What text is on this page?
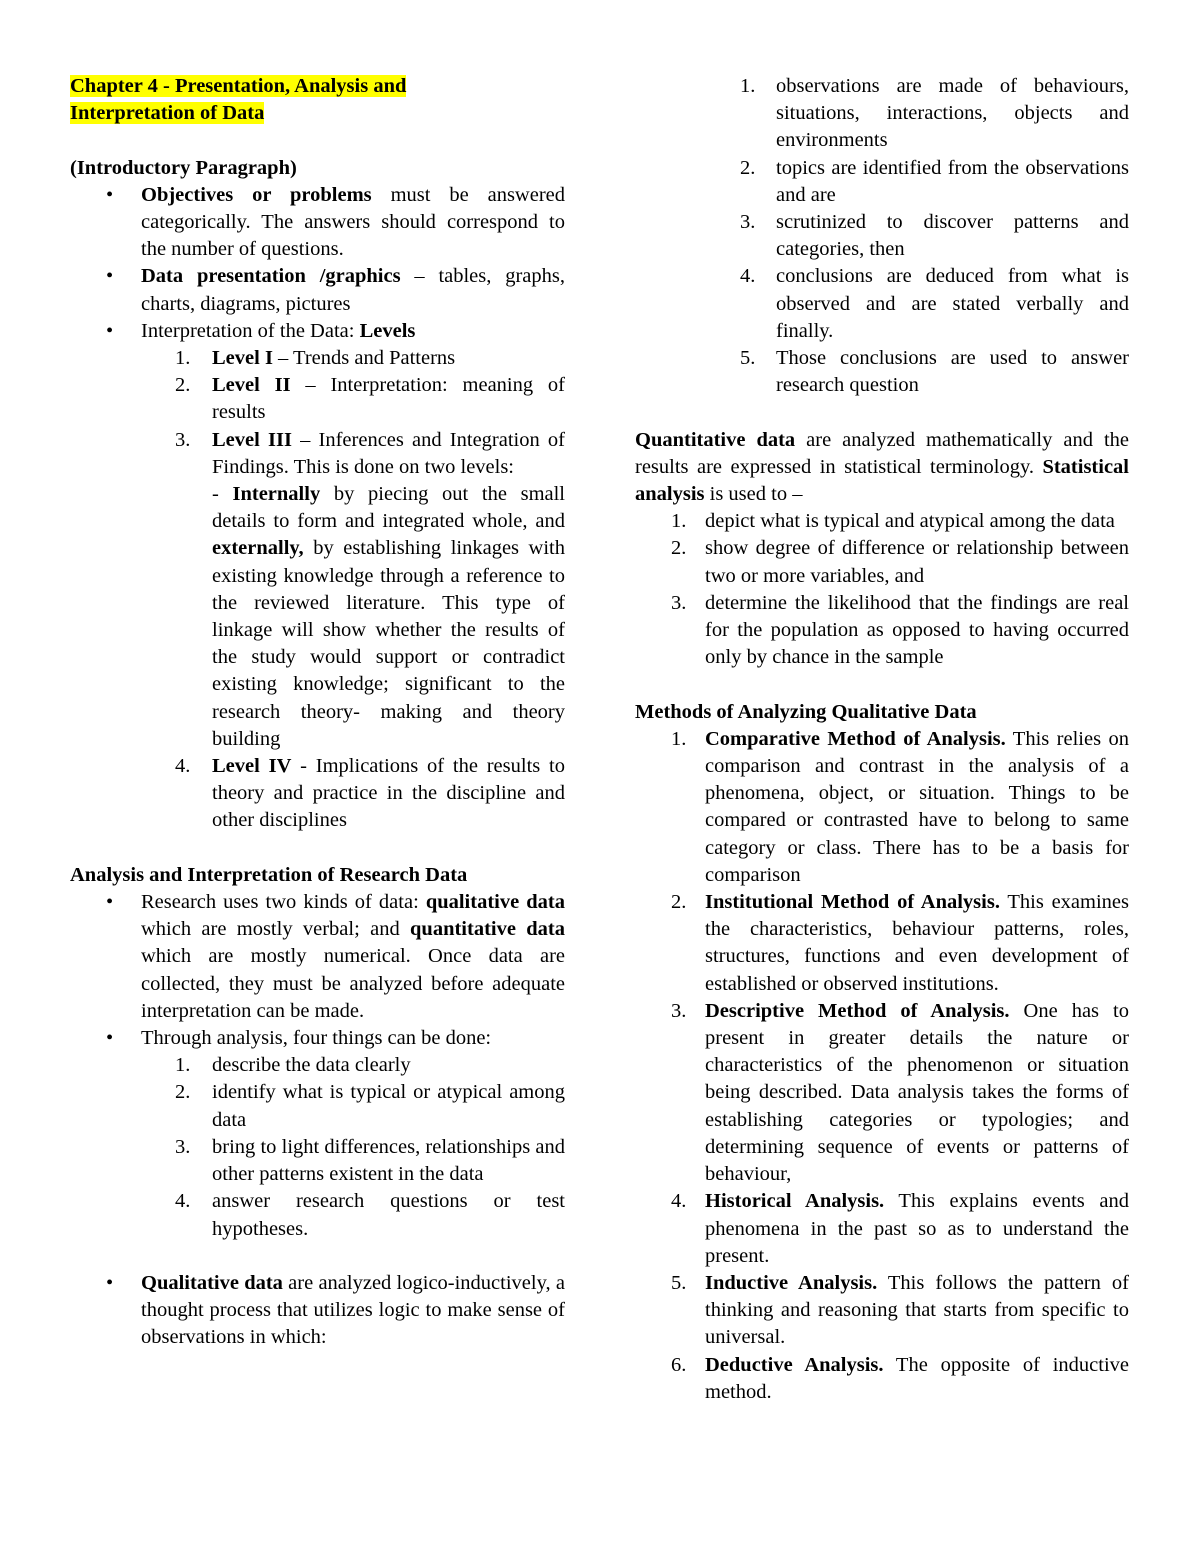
Chapter 4 - Presentation, Analysis and
Interpretation of Data

(Introductory Paragraph)

• Objectives or problems must be answered categorically. The answers should correspond to the number of questions.
• Data presentation /graphics – tables, graphs, charts, diagrams, pictures
• Interpretation of the Data: Levels
1. Level I – Trends and Patterns
2. Level II – Interpretation: meaning of results
3. Level III – Inferences and Integration of Findings. This is done on two levels:
- Internally by piecing out the small details to form and integrated whole, and externally, by establishing linkages with existing knowledge through a reference to the reviewed literature. This type of linkage will show whether the results of the study would support or contradict existing knowledge; significant to the research theory- making and theory building
4. Level IV - Implications of the results to theory and practice in the discipline and other disciplines

Analysis and Interpretation of Research Data

• Research uses two kinds of data: qualitative data which are mostly verbal; and quantitative data which are mostly numerical. Once data are collected, they must be analyzed before adequate interpretation can be made.
• Through analysis, four things can be done:
1. describe the data clearly
2. identify what is typical or atypical among data
3. bring to light differences, relationships and other patterns existent in the data
4. answer research questions or test hypotheses.
• Qualitative data are analyzed logico-inductively, a thought process that utilizes logic to make sense of observations in which:
1. observations are made of behaviours, situations, interactions, objects and environments
2. topics are identified from the observations and are
3. scrutinized to discover patterns and categories, then
4. conclusions are deduced from what is observed and are stated verbally and finally.
5. Those conclusions are used to answer research question

Quantitative data are analyzed mathematically and the results are expressed in statistical terminology. Statistical analysis is used to –

1. depict what is typical and atypical among the data
2. show degree of difference or relationship between two or more variables, and
3. determine the likelihood that the findings are real for the population as opposed to having occurred only by chance in the sample

Methods of Analyzing Qualitative Data

1. Comparative Method of Analysis. This relies on comparison and contrast in the analysis of a phenomena, object, or situation. Things to be compared or contrasted have to belong to same category or class. There has to be a basis for comparison
2. Institutional Method of Analysis. This examines the characteristics, behaviour patterns, roles, structures, functions and even development of established or observed institutions.
3. Descriptive Method of Analysis. One has to present in greater details the nature or characteristics of the phenomenon or situation being described. Data analysis takes the forms of establishing categories or typologies; and determining sequence of events or patterns of behaviour,
4. Historical Analysis. This explains events and phenomena in the past so as to understand the present.
5. Inductive Analysis. This follows the pattern of thinking and reasoning that starts from specific to universal.
6. Deductive Analysis. The opposite of inductive method.
